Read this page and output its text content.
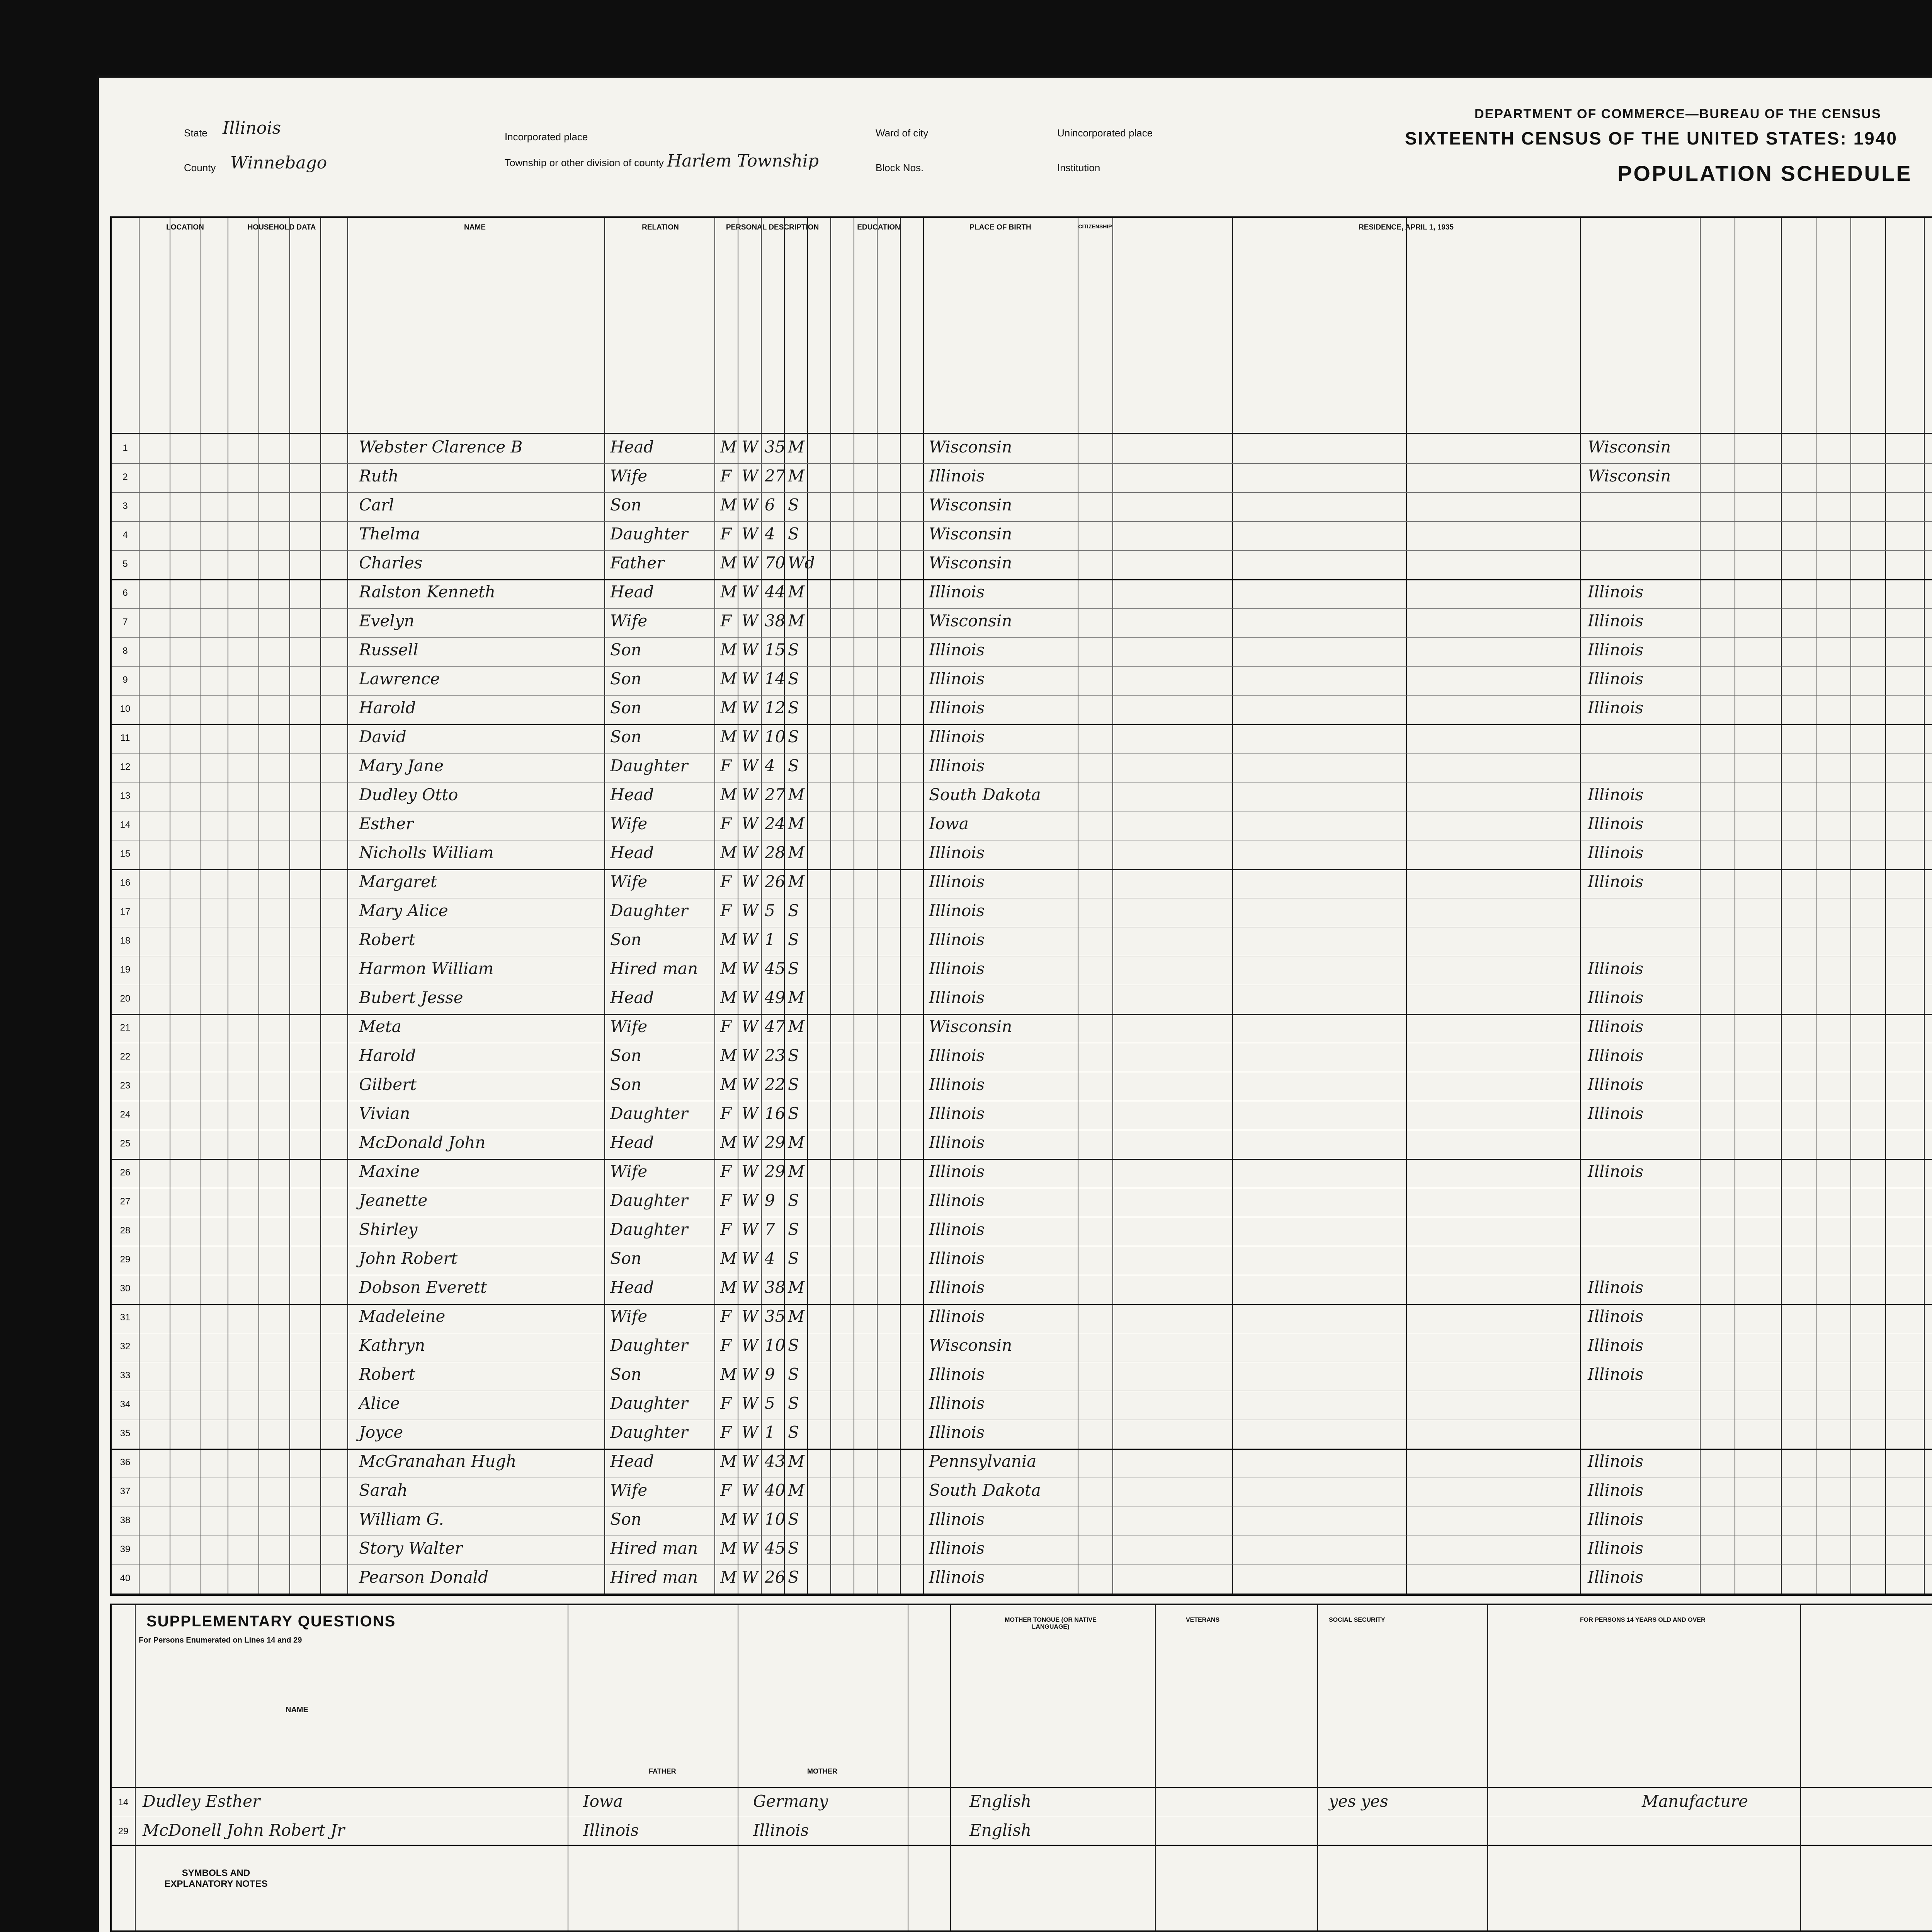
State Illinois
County Winnebago
Incorporated place
Township or other division of county Harlem Township
Ward of city
Block Nos.
Unincorporated place
Institution
DEPARTMENT OF COMMERCE—BUREAU OF THE CENSUS
SIXTEENTH CENSUS OF THE UNITED STATES: 1940
POPULATION SCHEDULE
LOCATION	HOUSEHOLD DATA	NAME	RELATION	PERSONAL DESCRIPTION	EDUCATION	PLACE OF BIRTH	CITIZENSHIP	RESIDENCE, APRIL 1, 1935
1	Webster Clarence B	Head	M W 35 M	Wisconsin	Wisconsin
2	Ruth	Wife	F W 27 M	Illinois	Wisconsin
3	Carl	Son	M W 6 S	Wisconsin
4	Thelma	Daughter F W 4 S	Wisconsin
5	Charles	Father	M W 70 Wd	Wisconsin
6	Ralston Kenneth	Head	M W 44 M	Illinois	Illinois
7	Evelyn	Wife	F W 38 M	Wisconsin	Illinois
8	Russell	Son	M W 15 S	Illinois	Illinois
9	Lawrence	Son	M W 14 S	Illinois	Illinois
10	Harold	Son	M W 12 S	Illinois	Illinois
11	David	Son	M W 10 S	Illinois
12	Mary Jane	Daughter F W 4 S	Illinois
13	Dudley Otto	Head	M W 27 M	South Dakota	Illinois
14	Esther	Wife	F W 24 M	Iowa	Illinois
15	Nicholls William	Head	M W 28 M	Illinois	Illinois
16	Margaret	Wife	F W 26 M	Illinois	Illinois
17	Mary Alice	Daughter F W 5 S	Illinois
18	Robert	Son	M W 1 S	Illinois
19	Harmon William	Hired man M W 45 S	Illinois	Illinois
20	Bubert Jesse	Head	M W 49 M	Illinois	Illinois
21	Meta	Wife	F W 47 M	Wisconsin	Illinois
22	Harold	Son	M W 23 S	Illinois	Illinois
23	Gilbert	Son	M W 22 S	Illinois	Illinois
24	Vivian	Daughter F W 16 S	Illinois	Illinois
25	McDonald John	Head	M W 29 M	Illinois
26	Maxine	Wife	F W 29 M	Illinois	Illinois
27	Jeanette	Daughter F W 9 S	Illinois
28	Shirley	Daughter F W 7 S	Illinois
29	John Robert	Son	M W 4 S	Illinois
30	Dobson Everett	Head	M W 38 M	Illinois	Illinois
31	Madeleine	Wife	F W 35 M	Illinois	Illinois
32	Kathryn	Daughter F W 10 S	Wisconsin	Illinois
33	Robert	Son	M W 9 S	Illinois	Illinois
34	Alice	Daughter F W 5 S	Illinois
35	Joyce	Daughter F W 1 S	Illinois
36	McGranahan Hugh	Head	M W 43 M	Pennsylvania	Illinois
37	Sarah	Wife	F W 40 M	South Dakota	Illinois
38	William G.	Son	M W 10 S	Illinois	Illinois
39	Story Walter	Hired man M W 45 S	Illinois	Illinois
40	Pearson Donald	Hired man M W 26 S	Illinois	Illinois
SUPPLEMENTARY QUESTIONS
For Persons Enumerated on Lines 14 and 29
NAME
FATHER	MOTHER
MOTHER TONGUE (OR NATIVE LANGUAGE)
VETERANS	SOCIAL SECURITY	FOR PERSONS 14 YEARS OLD AND OVER
14 Dudley Esther	Iowa	Germany	English	yes yes	Manufacture
29 McDonell John Robert Jr	Illinois	Illinois	English
SYMBOLS AND EXPLANATORY NOTES
